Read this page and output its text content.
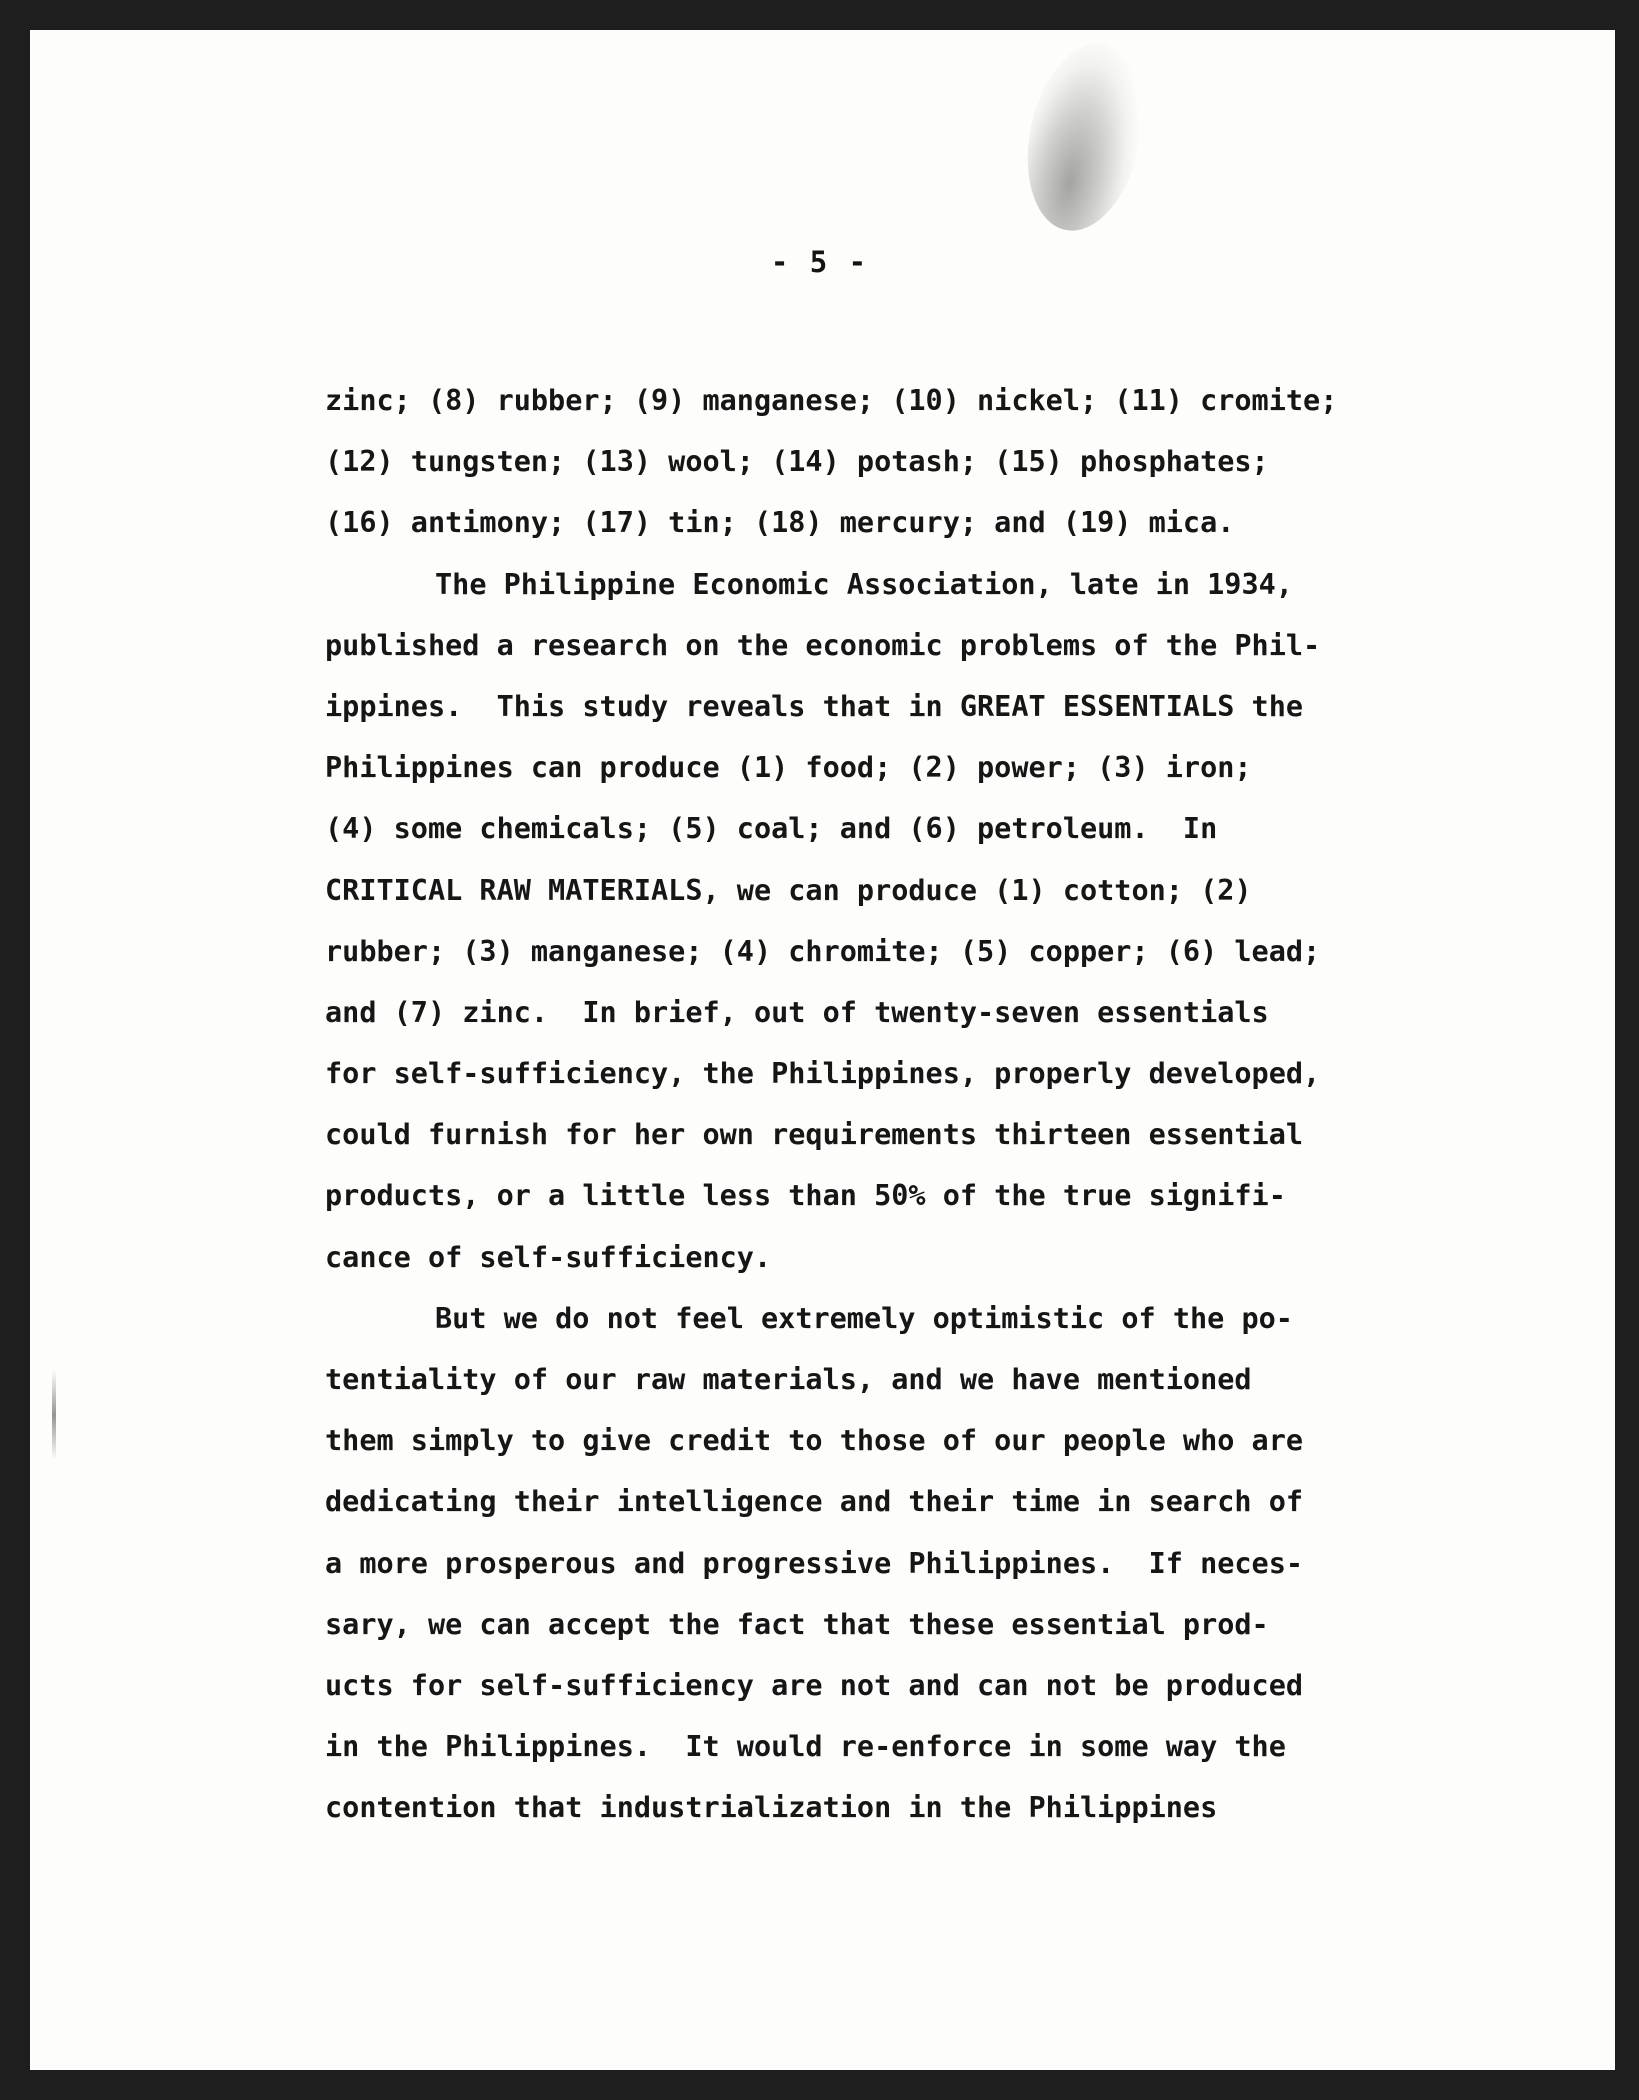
- 5 -
zinc; (8) rubber; (9) manganese; (10) nickel; (11) cromite;
(12) tungsten; (13) wool; (14) potash; (15) phosphates;
(16) antimony; (17) tin; (18) mercury; and (19) mica.
The Philippine Economic Association, late in 1934,
published a research on the economic problems of the Phil-
ippines.  This study reveals that in GREAT ESSENTIALS the
Philippines can produce (1) food; (2) power; (3) iron;
(4) some chemicals; (5) coal; and (6) petroleum.  In
CRITICAL RAW MATERIALS, we can produce (1) cotton; (2)
rubber; (3) manganese; (4) chromite; (5) copper; (6) lead;
and (7) zinc.  In brief, out of twenty-seven essentials
for self-sufficiency, the Philippines, properly developed,
could furnish for her own requirements thirteen essential
products, or a little less than 50% of the true signifi-
cance of self-sufficiency.
But we do not feel extremely optimistic of the po-
tentiality of our raw materials, and we have mentioned
them simply to give credit to those of our people who are
dedicating their intelligence and their time in search of
a more prosperous and progressive Philippines.  If neces-
sary, we can accept the fact that these essential prod-
ucts for self-sufficiency are not and can not be produced
in the Philippines.  It would re-enforce in some way the
contention that industrialization in the Philippines
